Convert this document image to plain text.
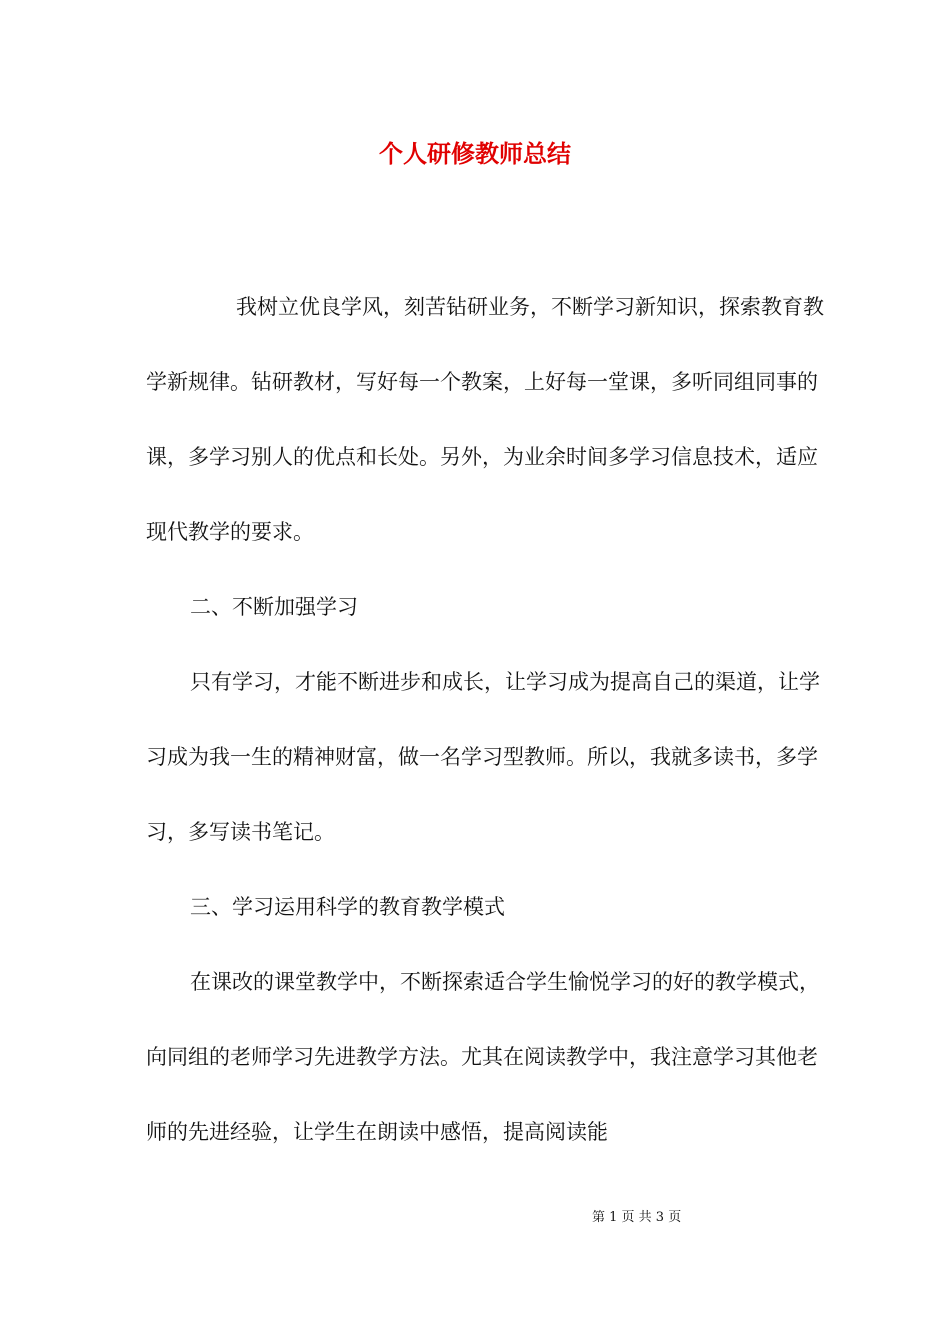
个人研修教师总结

我树立优良学风，刻苦钻研业务，不断学习新知识，探索教育教学新规律。钻研教材，写好每一个教案，上好每一堂课，多听同组同事的课，多学习别人的优点和长处。另外，为业余时间多学习信息技术，适应现代教学的要求。

二、不断加强学习

只有学习，才能不断进步和成长，让学习成为提高自己的渠道，让学习成为我一生的精神财富，做一名学习型教师。所以，我就多读书，多学习，多写读书笔记。

三、学习运用科学的教育教学模式

在课改的课堂教学中，不断探索适合学生愉悦学习的好的教学模式，向同组的老师学习先进教学方法。尤其在阅读教学中，我注意学习其他老师的先进经验，让学生在朗读中感悟，提高阅读能

第 1 页 共 3 页
